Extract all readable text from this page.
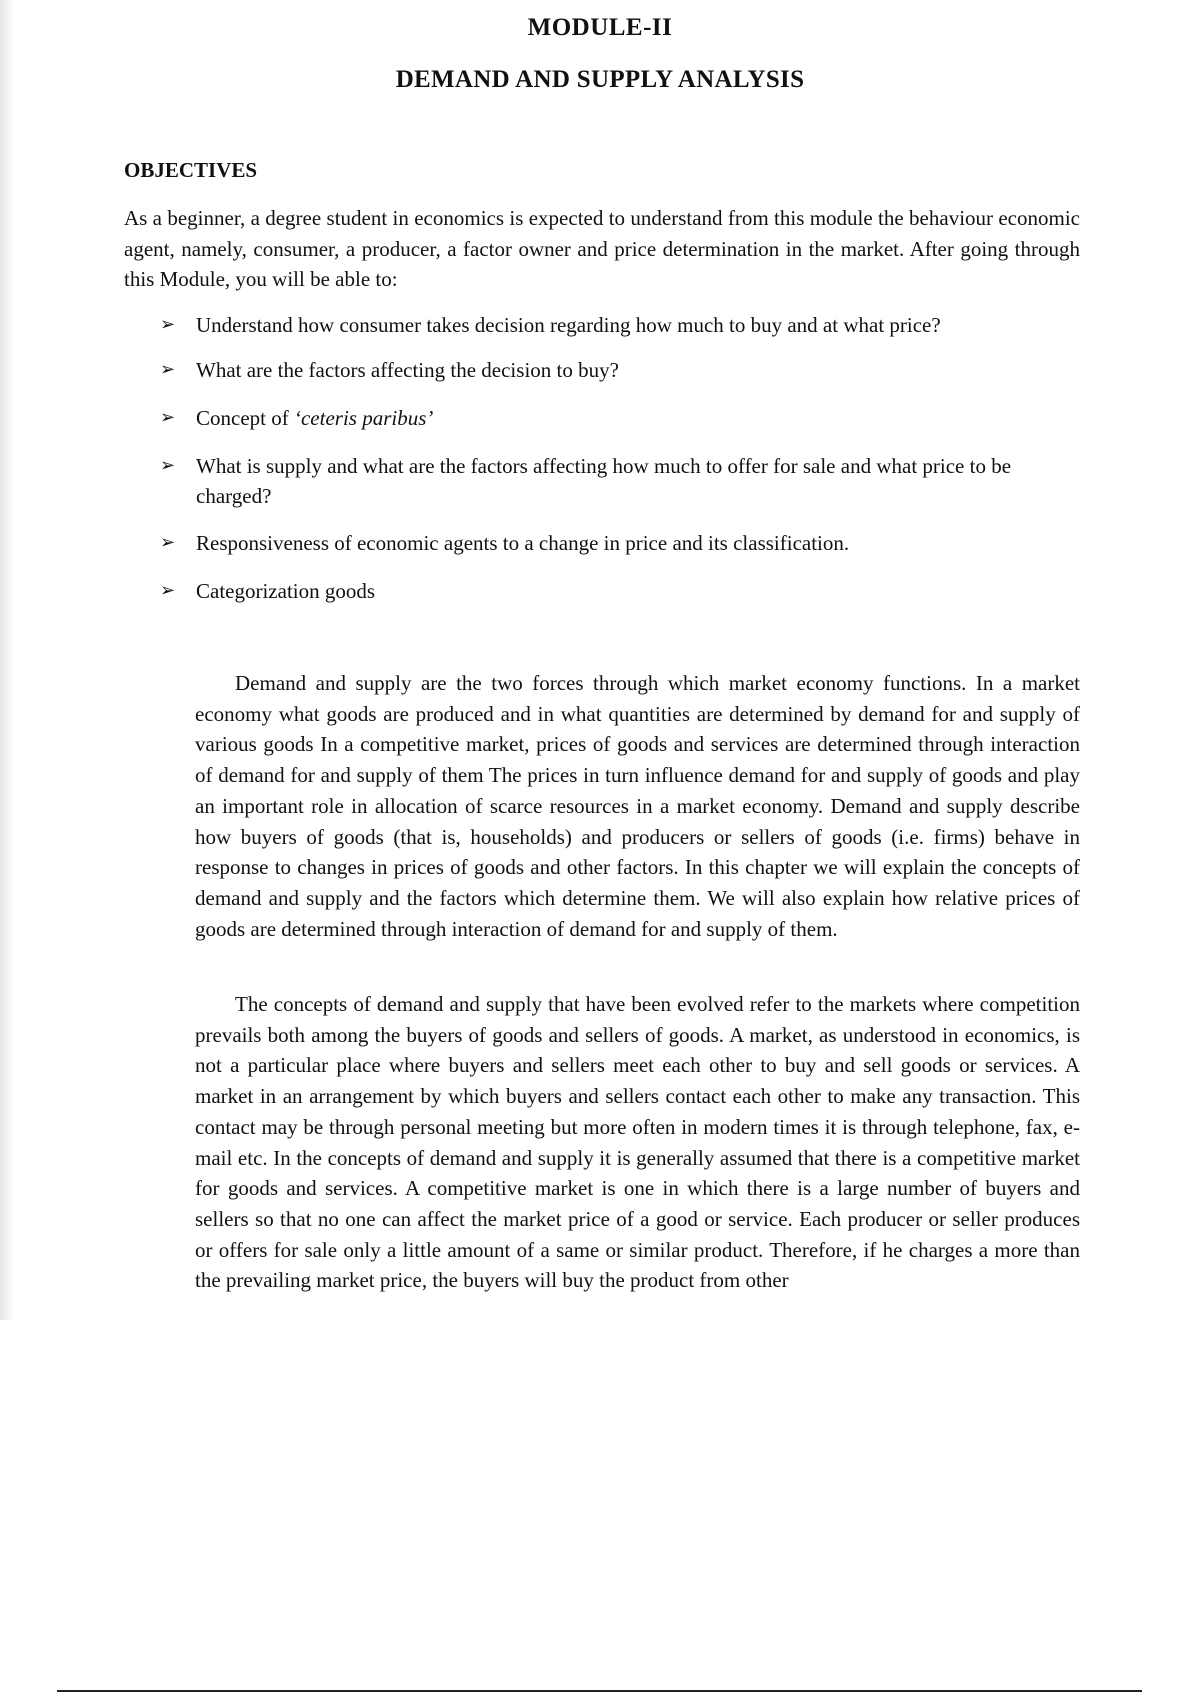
MODULE-II
DEMAND AND SUPPLY ANALYSIS
OBJECTIVES

As a beginner, a degree student in economics is expected to understand from this module the behaviour economic agent, namely, consumer, a producer, a factor owner and price determination in the market. After going through this Module, you will be able to:

➢ Understand how consumer takes decision regarding how much to buy and at what price?
➢ What are the factors affecting the decision to buy?
➢ Concept of ‘ceteris paribus’
➢ What is supply and what are the factors affecting how much to offer for sale and what price to be charged?
➢ Responsiveness of economic agents to a change in price and its classification.
➢ Categorization goods

Demand and supply are the two forces through which market economy functions. In a market economy what goods are produced and in what quantities are determined by demand for and supply of various goods In a competitive market, prices of goods and services are determined through interaction of demand for and supply of them The prices in turn influence demand for and supply of goods and play an important role in allocation of scarce resources in a market economy. Demand and supply describe how buyers of goods (that is, households) and producers or sellers of goods (i.e. firms) behave in response to changes in prices of goods and other factors. In this chapter we will explain the concepts of demand and supply and the factors which determine them. We will also explain how relative prices of goods are determined through interaction of demand for and supply of them.

The concepts of demand and supply that have been evolved refer to the markets where competition prevails both among the buyers of goods and sellers of goods. A market, as understood in economics, is not a particular place where buyers and sellers meet each other to buy and sell goods or services. A market in an arrangement by which buyers and sellers contact each other to make any transaction. This contact may be through personal meeting but more often in modern times it is through telephone, fax, e-mail etc. In the concepts of demand and supply it is generally assumed that there is a competitive market for goods and services. A competitive market is one in which there is a large number of buyers and sellers so that no one can affect the market price of a good or service. Each producer or seller produces or offers for sale only a little amount of a same or similar product. Therefore, if he charges a more than the prevailing market price, the buyers will buy the product from other
